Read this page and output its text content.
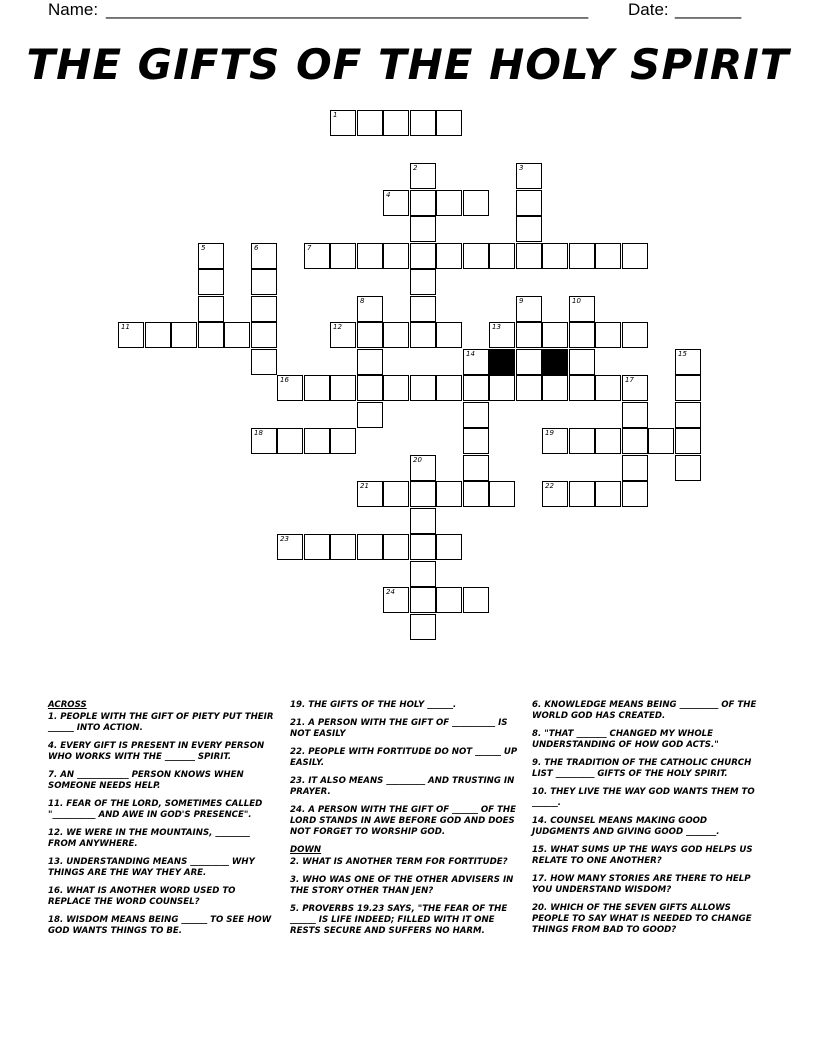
Name: ___________________________________________________	Date: _______
THE GIFTS OF THE HOLY SPIRIT
1
2	3
4
5	6	7
8	9	10
11	12	13
14	15
16	17
18	19
20
21	22
23
24
ACROSS
1. PEOPLE WITH THE GIFT OF PIETY PUT THEIR ______ INTO ACTION.
4. EVERY GIFT IS PRESENT IN EVERY PERSON WHO WORKS WITH THE _______ SPIRIT.
7. AN ____________ PERSON KNOWS WHEN SOMEONE NEEDS HELP.
11. FEAR OF THE LORD, SOMETIMES CALLED "__________ AND AWE IN GOD'S PRESENCE".
12. WE WERE IN THE MOUNTAINS, ________ FROM ANYWHERE.
13. UNDERSTANDING MEANS _________ WHY THINGS ARE THE WAY THEY ARE.
16. WHAT IS ANOTHER WORD USED TO REPLACE THE WORD COUNSEL?
18. WISDOM MEANS BEING ______ TO SEE HOW GOD WANTS THINGS TO BE.
19. THE GIFTS OF THE HOLY ______.
21. A PERSON WITH THE GIFT OF __________ IS NOT EASILY
22. PEOPLE WITH FORTITUDE DO NOT ______ UP EASILY.
23. IT ALSO MEANS _________ AND TRUSTING IN PRAYER.
24. A PERSON WITH THE GIFT OF ______ OF THE LORD STANDS IN AWE BEFORE GOD AND DOES NOT FORGET TO WORSHIP GOD.
DOWN
2. WHAT IS ANOTHER TERM FOR FORTITUDE?
3. WHO WAS ONE OF THE OTHER ADVISERS IN THE STORY OTHER THAN JEN?
5. PROVERBS 19.23 SAYS, "THE FEAR OF THE ______ IS LIFE INDEED; FILLED WITH IT ONE RESTS SECURE AND SUFFERS NO HARM.
6. KNOWLEDGE MEANS BEING _________ OF THE WORLD GOD HAS CREATED.
8. "THAT _______ CHANGED MY WHOLE UNDERSTANDING OF HOW GOD ACTS."
9. THE TRADITION OF THE CATHOLIC CHURCH LIST _________ GIFTS OF THE HOLY SPIRIT.
10. THEY LIVE THE WAY GOD WANTS THEM TO ______.
14. COUNSEL MEANS MAKING GOOD JUDGMENTS AND GIVING GOOD _______.
15. WHAT SUMS UP THE WAYS GOD HELPS US RELATE TO ONE ANOTHER?
17. HOW MANY STORIES ARE THERE TO HELP YOU UNDERSTAND WISDOM?
20. WHICH OF THE SEVEN GIFTS ALLOWS PEOPLE TO SAY WHAT IS NEEDED TO CHANGE THINGS FROM BAD TO GOOD?
